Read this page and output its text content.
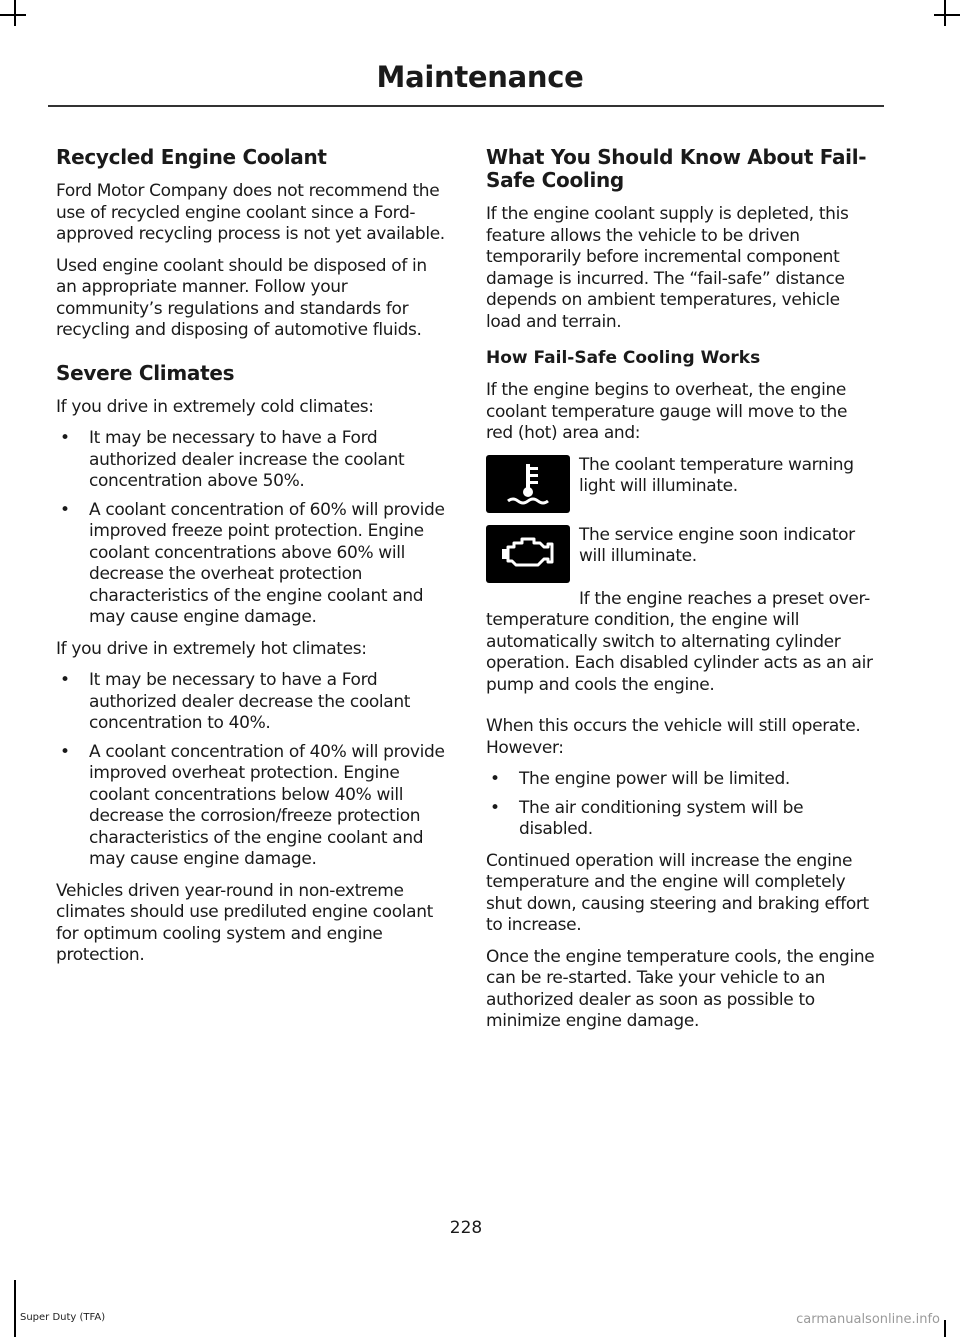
Maintenance
Recycled Engine Coolant

Ford Motor Company does not recommend the use of recycled engine coolant since a Ford-approved recycling process is not yet available.

Used engine coolant should be disposed of in an appropriate manner. Follow your community’s regulations and standards for recycling and disposing of automotive fluids.

Severe Climates

If you drive in extremely cold climates:

• It may be necessary to have a Ford authorized dealer increase the coolant concentration above 50%.
• A coolant concentration of 60% will provide improved freeze point protection. Engine coolant concentrations above 60% will decrease the overheat protection characteristics of the engine coolant and may cause engine damage.

If you drive in extremely hot climates:

• It may be necessary to have a Ford authorized dealer decrease the coolant concentration to 40%.
• A coolant concentration of 40% will provide improved overheat protection. Engine coolant concentrations below 40% will decrease the corrosion/freeze protection characteristics of the engine coolant and may cause engine damage.

Vehicles driven year-round in non-extreme climates should use prediluted engine coolant for optimum cooling system and engine protection.

What You Should Know About Fail-Safe Cooling

If the engine coolant supply is depleted, this feature allows the vehicle to be driven temporarily before incremental component damage is incurred. The “fail-safe” distance depends on ambient temperatures, vehicle load and terrain.

How Fail-Safe Cooling Works

If the engine begins to overheat, the engine coolant temperature gauge will move to the red (hot) area and:

The coolant temperature warning light will illuminate.
The service engine soon indicator will illuminate.

If the engine reaches a preset over-temperature condition, the engine will automatically switch to alternating cylinder operation. Each disabled cylinder acts as an air pump and cools the engine.

When this occurs the vehicle will still operate. However:

• The engine power will be limited.
• The air conditioning system will be disabled.

Continued operation will increase the engine temperature and the engine will completely shut down, causing steering and braking effort to increase.

Once the engine temperature cools, the engine can be re-started. Take your vehicle to an authorized dealer as soon as possible to minimize engine damage.

228
Super Duty (TFA)	carmanualsonline.info
